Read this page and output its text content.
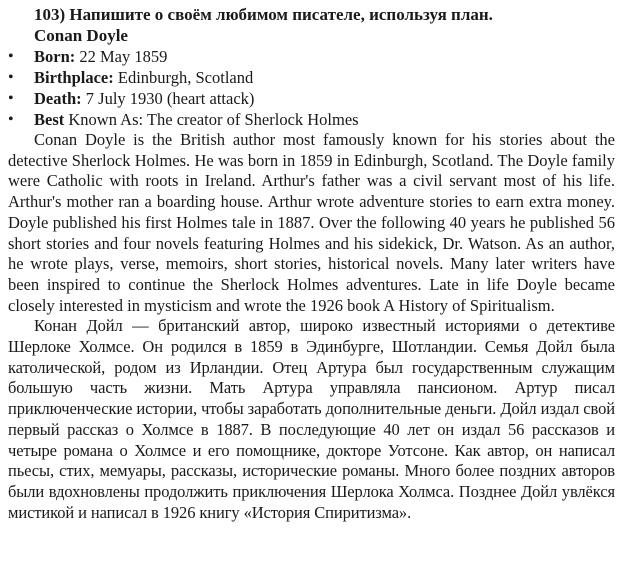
103) Напишите о своём любимом писателе, используя план.
Conan Doyle
• Born: 22 May 1859
• Birthplace: Edinburgh, Scotland
• Death: 7 July 1930 (heart attack)
• Best Known As: The creator of Sherlock Holmes

Conan Doyle is the British author most famously known for his stories about the detective Sherlock Holmes. He was born in 1859 in Edinburgh, Scotland. The Doyle family were Catholic with roots in Ireland. Arthur's father was a civil servant most of his life. Arthur's mother ran a boarding house. Arthur wrote adventure stories to earn extra money. Doyle published his first Holmes tale in 1887. Over the following 40 years he published 56 short stories and four novels featuring Holmes and his sidekick, Dr. Watson. As an author, he wrote plays, verse, memoirs, short stories, historical novels. Many later writers have been inspired to continue the Sherlock Holmes adventures. Late in life Doyle became closely interested in mysticism and wrote the 1926 book A History of Spiritualism.

Конан Дойл — британский автор, широко известный историями о детективе Шерлоке Холмсе. Он родился в 1859 в Эдинбурге, Шотландии. Семья Дойл была католической, родом из Ирландии. Отец Артура был государственным служащим большую часть жизни. Мать Артура управляла пансионом. Артур писал приключенческие истории, чтобы заработать дополнительные деньги. Дойл издал свой первый рассказ о Холмсе в 1887. В последующие 40 лет он издал 56 рассказов и четыре романа о Холмсе и его помощнике, докторе Уотсоне. Как автор, он написал пьесы, стих, мемуары, рассказы, исторические романы. Много более поздних авторов были вдохновлены продолжить приключения Шерлока Холмса. Позднее Дойл увлёкся мистикой и написал в 1926 книгу «История Спиритизма».
